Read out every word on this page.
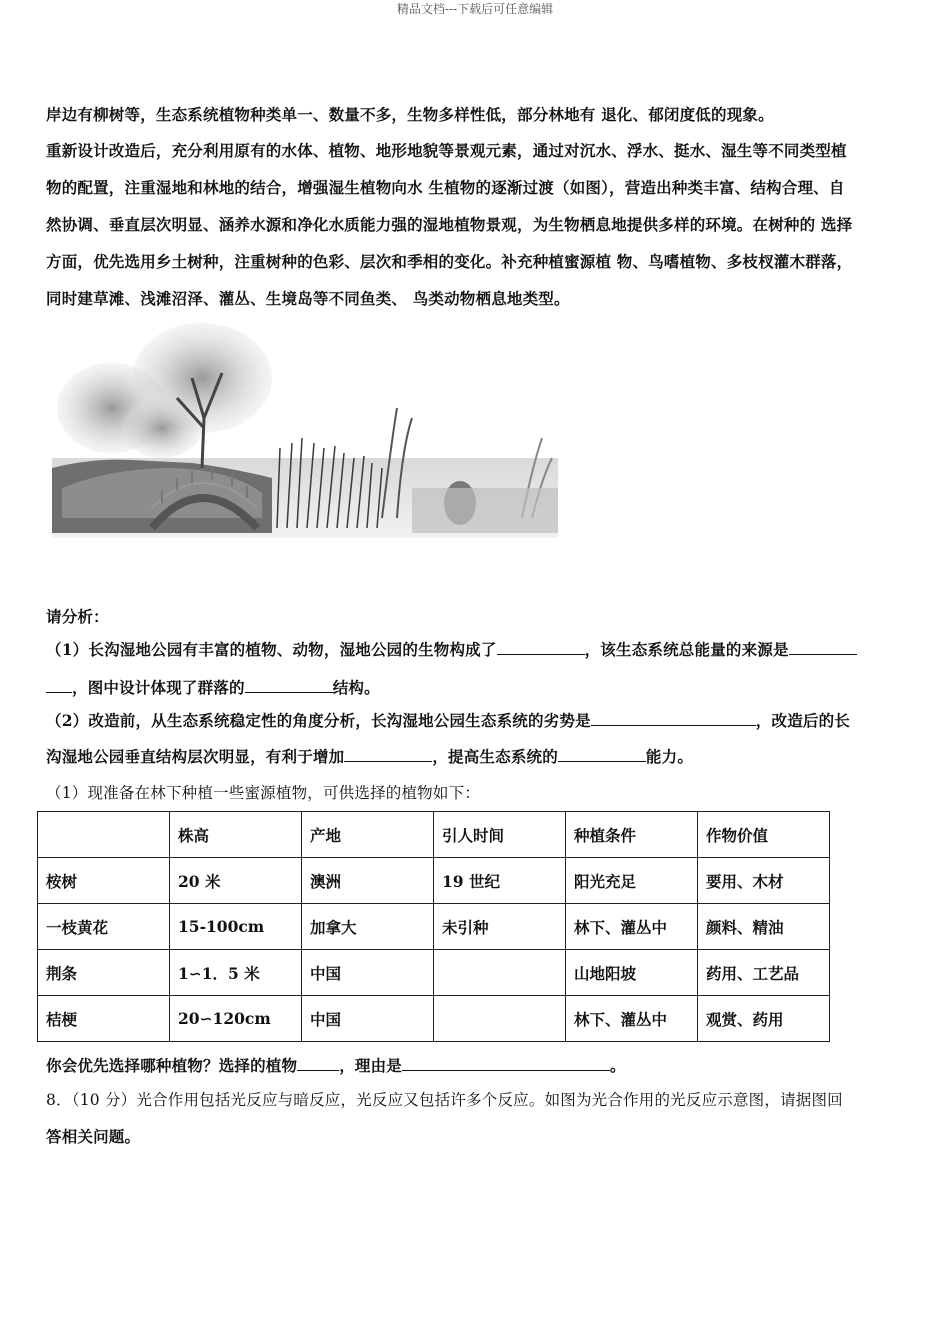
精品文档---下载后可任意编辑
岸边有柳树等，生态系统植物种类单一、数量不多，生物多样性低，部分林地有 退化、郁闭度低的现象。
重新设计改造后，充分利用原有的水体、植物、地形地貌等景观元素，通过对沉水、浮水、挺水、湿生等不同类型植
物的配置，注重湿地和林地的结合，增强湿生植物向水 生植物的逐渐过渡（如图），营造出种类丰富、结构合理、自
然协调、垂直层次明显、涵养水源和净化水质能力强的湿地植物景观，为生物栖息地提供多样的环境。在树种的 选择
方面，优先选用乡土树种，注重树种的色彩、层次和季相的变化。补充种植蜜源植 物、鸟嗜植物、多枝杈灌木群落，
同时建草滩、浅滩沼泽、灌丛、生境岛等不同鱼类、 鸟类动物栖息地类型。
请分析：
（1）长沟湿地公园有丰富的植物、动物，湿地公园的生物构成了	，该生态系统总能量的来源是
，图中设计体现了群落的	结构。
（2）改造前，从生态系统稳定性的角度分析，长沟湿地公园生态系统的劣势是	，改造后的长
沟湿地公园垂直结构层次明显，有利于增加	，提高生态系统的	能力。
（1）现准备在林下种植一些蜜源植物，可供选择的植物如下：
	株高	产地	引人时间	种植条件	作物价值
桉树	20 米	澳洲	19 世纪	阳光充足	要用、木材
一枝黄花	15-100cm	加拿大	未引种	林下、灌丛中	颜料、精油
荆条	1∽1．5 米	中国		山地阳坡	药用、工艺品
桔梗	20∽120cm	中国		林下、灌丛中	观赏、药用
你会优先选择哪种植物？选择的植物	，理由是	。
8．（10 分）光合作用包括光反应与暗反应，光反应又包括许多个反应。如图为光合作用的光反应示意图，请据图回
答相关问题。
